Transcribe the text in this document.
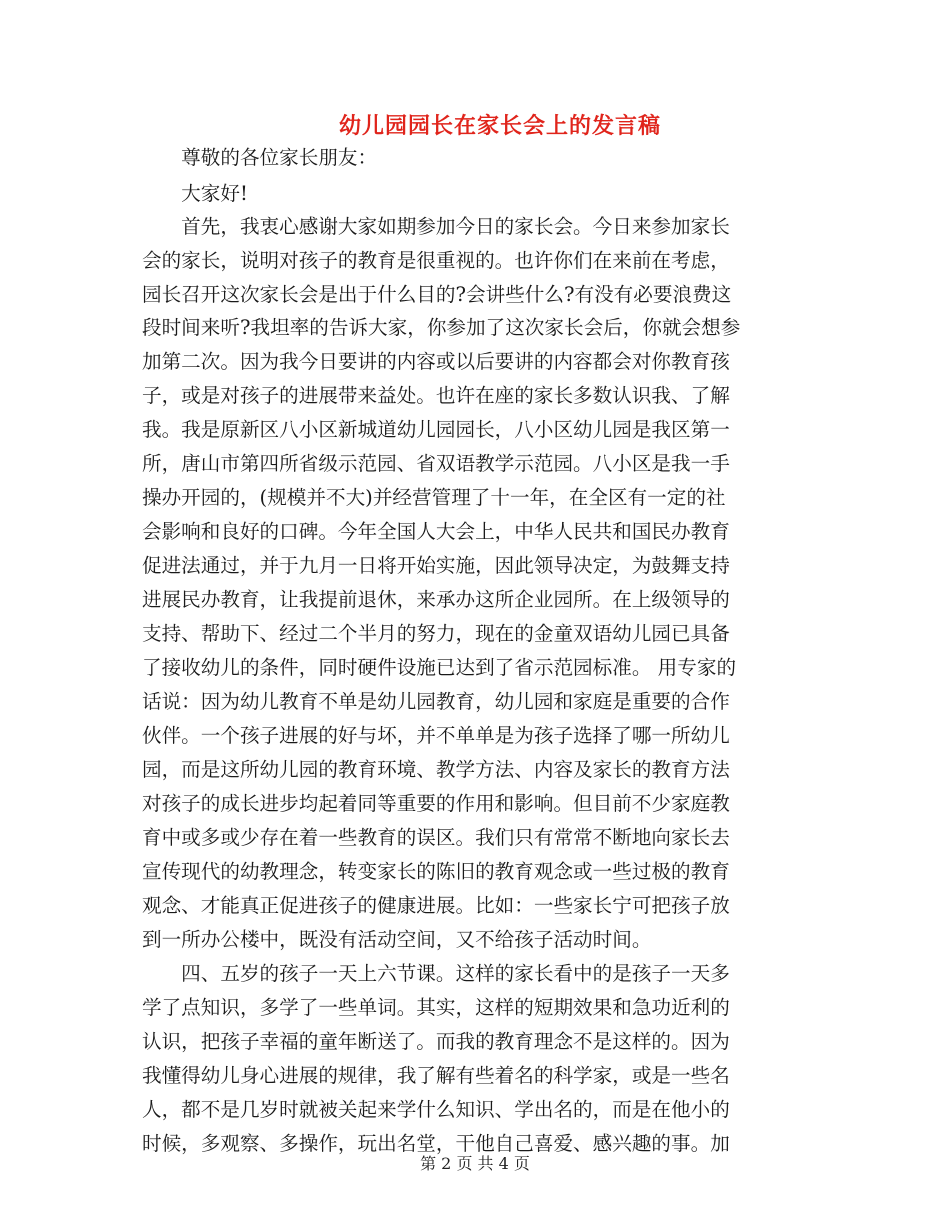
幼儿园园长在家长会上的发言稿
　　尊敬的各位家长朋友：
　　大家好!
　　首先，我衷心感谢大家如期参加今日的家长会。今日来参加家长
会的家长，说明对孩子的教育是很重视的。也许你们在来前在考虑，
园长召开这次家长会是出于什么目的?会讲些什么?有没有必要浪费这
段时间来听?我坦率的告诉大家，你参加了这次家长会后，你就会想参
加第二次。因为我今日要讲的内容或以后要讲的内容都会对你教育孩
子，或是对孩子的进展带来益处。也许在座的家长多数认识我、了解
我。我是原新区八小区新城道幼儿园园长，八小区幼儿园是我区第一
所，唐山市第四所省级示范园、省双语教学示范园。八小区是我一手
操办开园的，(规模并不大)并经营管理了十一年，在全区有一定的社
会影响和良好的口碑。今年全国人大会上，中华人民共和国民办教育
促进法通过，并于九月一日将开始实施，因此领导决定，为鼓舞支持
进展民办教育，让我提前退休，来承办这所企业园所。在上级领导的
支持、帮助下、经过二个半月的努力，现在的金童双语幼儿园已具备
了接收幼儿的条件，同时硬件设施已达到了省示范园标准。 用专家的
话说：因为幼儿教育不单是幼儿园教育，幼儿园和家庭是重要的合作
伙伴。一个孩子进展的好与坏，并不单单是为孩子选择了哪一所幼儿
园，而是这所幼儿园的教育环境、教学方法、内容及家长的教育方法
对孩子的成长进步均起着同等重要的作用和影响。但目前不少家庭教
育中或多或少存在着一些教育的误区。我们只有常常不断地向家长去
宣传现代的幼教理念，转变家长的陈旧的教育观念或一些过极的教育
观念、才能真正促进孩子的健康进展。比如：一些家长宁可把孩子放
到一所办公楼中，既没有活动空间，又不给孩子活动时间。
　　四、五岁的孩子一天上六节课。这样的家长看中的是孩子一天多
学了点知识，多学了一些单词。其实，这样的短期效果和急功近利的
认识，把孩子幸福的童年断送了。而我的教育理念不是这样的。因为
我懂得幼儿身心进展的规律，我了解有些着名的科学家，或是一些名
人，都不是几岁时就被关起来学什么知识、学出名的，而是在他小的
时候，多观察、多操作，玩出名堂，干他自己喜爱、感兴趣的事。加
第 2 页 共 4 页
